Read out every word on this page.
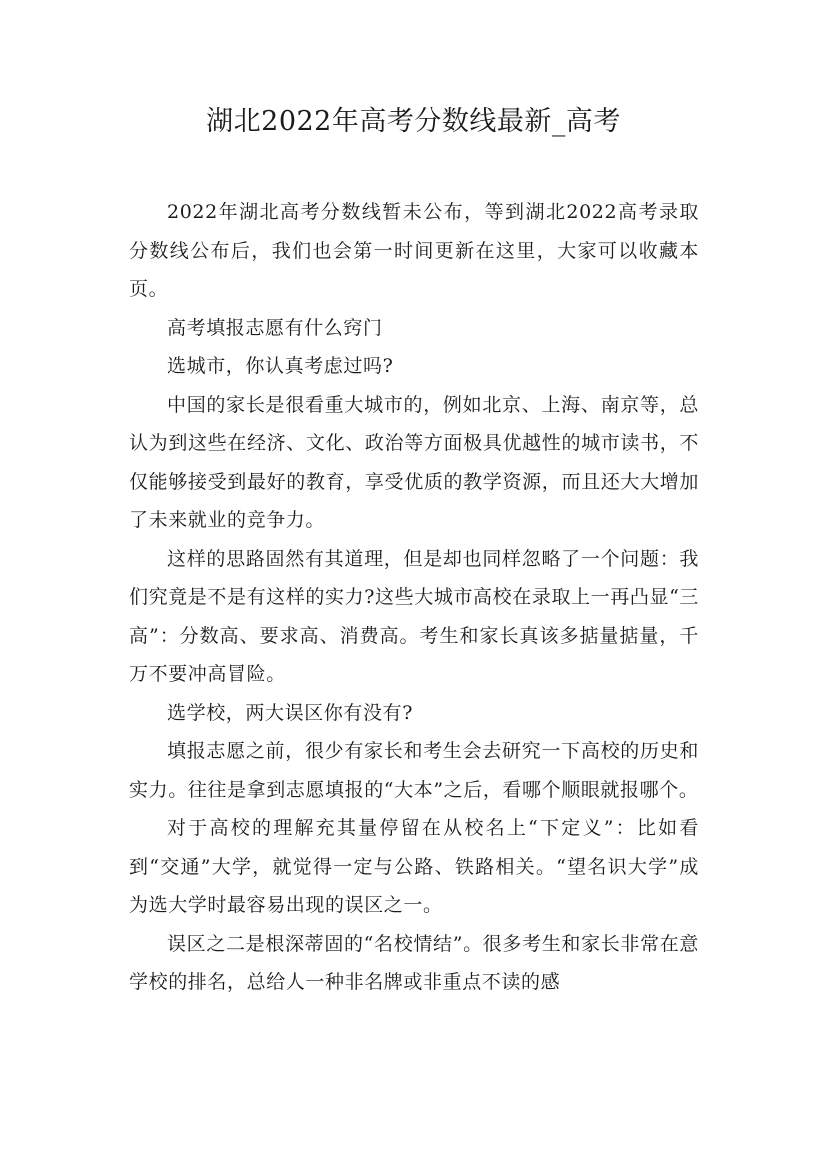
湖北2022年高考分数线最新_高考

2022年湖北高考分数线暂未公布，等到湖北2022高考录取分数线公布后，我们也会第一时间更新在这里，大家可以收藏本页。

高考填报志愿有什么窍门

选城市，你认真考虑过吗?

中国的家长是很看重大城市的，例如北京、上海、南京等，总认为到这些在经济、文化、政治等方面极具优越性的城市读书，不仅能够接受到最好的教育，享受优质的教学资源，而且还大大增加了未来就业的竞争力。

这样的思路固然有其道理，但是却也同样忽略了一个问题：我们究竟是不是有这样的实力?这些大城市高校在录取上一再凸显“三高”：分数高、要求高、消费高。考生和家长真该多掂量掂量，千万不要冲高冒险。

选学校，两大误区你有没有?

填报志愿之前，很少有家长和考生会去研究一下高校的历史和实力。往往是拿到志愿填报的“大本”之后，看哪个顺眼就报哪个。

对于高校的理解充其量停留在从校名上“下定义”：比如看到“交通”大学，就觉得一定与公路、铁路相关。“望名识大学”成为选大学时最容易出现的误区之一。

误区之二是根深蒂固的“名校情结”。很多考生和家长非常在意学校的排名，总给人一种非名牌或非重点不读的感
